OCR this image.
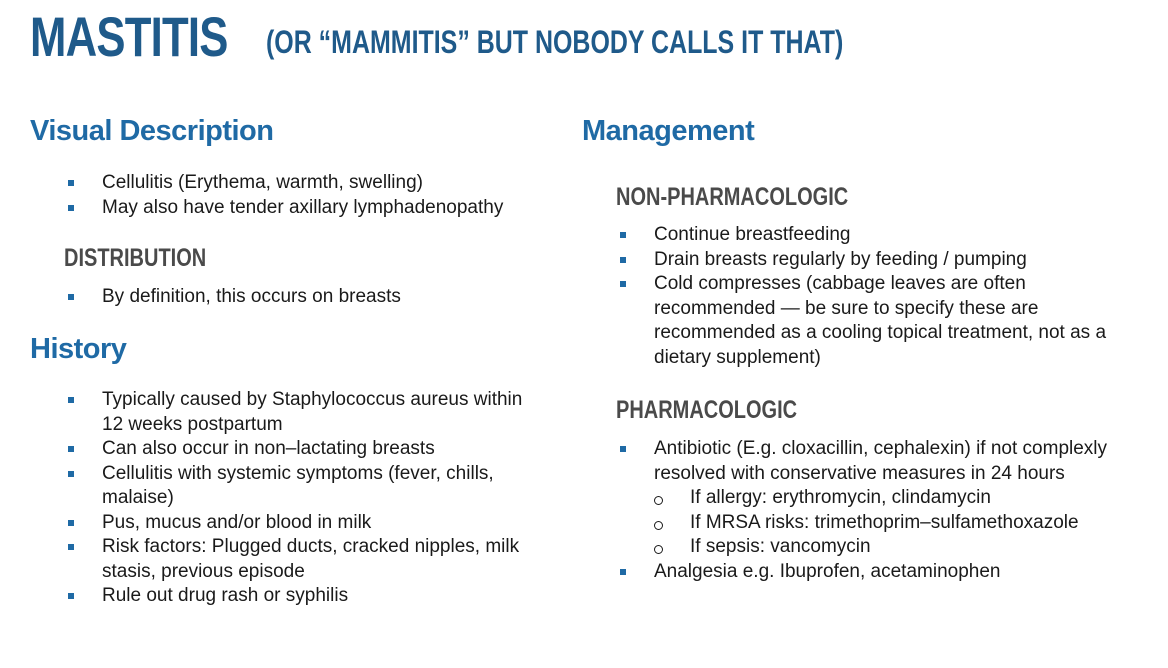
MASTITIS (OR “MAMMITIS” BUT NOBODY CALLS IT THAT)
Visual Description
Cellulitis (Erythema, warmth, swelling)
May also have tender axillary lymphadenopathy
DISTRIBUTION
By definition, this occurs on breasts
History
Typically caused by Staphylococcus aureus within 12 weeks postpartum
Can also occur in non–lactating breasts
Cellulitis with systemic symptoms (fever, chills, malaise)
Pus, mucus and/or blood in milk
Risk factors: Plugged ducts, cracked nipples, milk stasis, previous episode
Rule out drug rash or syphilis
Management
NON-PHARMACOLOGIC
Continue breastfeeding
Drain breasts regularly by feeding / pumping
Cold compresses (cabbage leaves are often recommended — be sure to specify these are recommended as a cooling topical treatment, not as a dietary supplement)
PHARMACOLOGIC
Antibiotic (E.g. cloxacillin, cephalexin) if not complexly resolved with conservative measures in 24 hours
If allergy: erythromycin, clindamycin
If MRSA risks: trimethoprim–sulfamethoxazole
If sepsis: vancomycin
Analgesia e.g. Ibuprofen, acetaminophen
